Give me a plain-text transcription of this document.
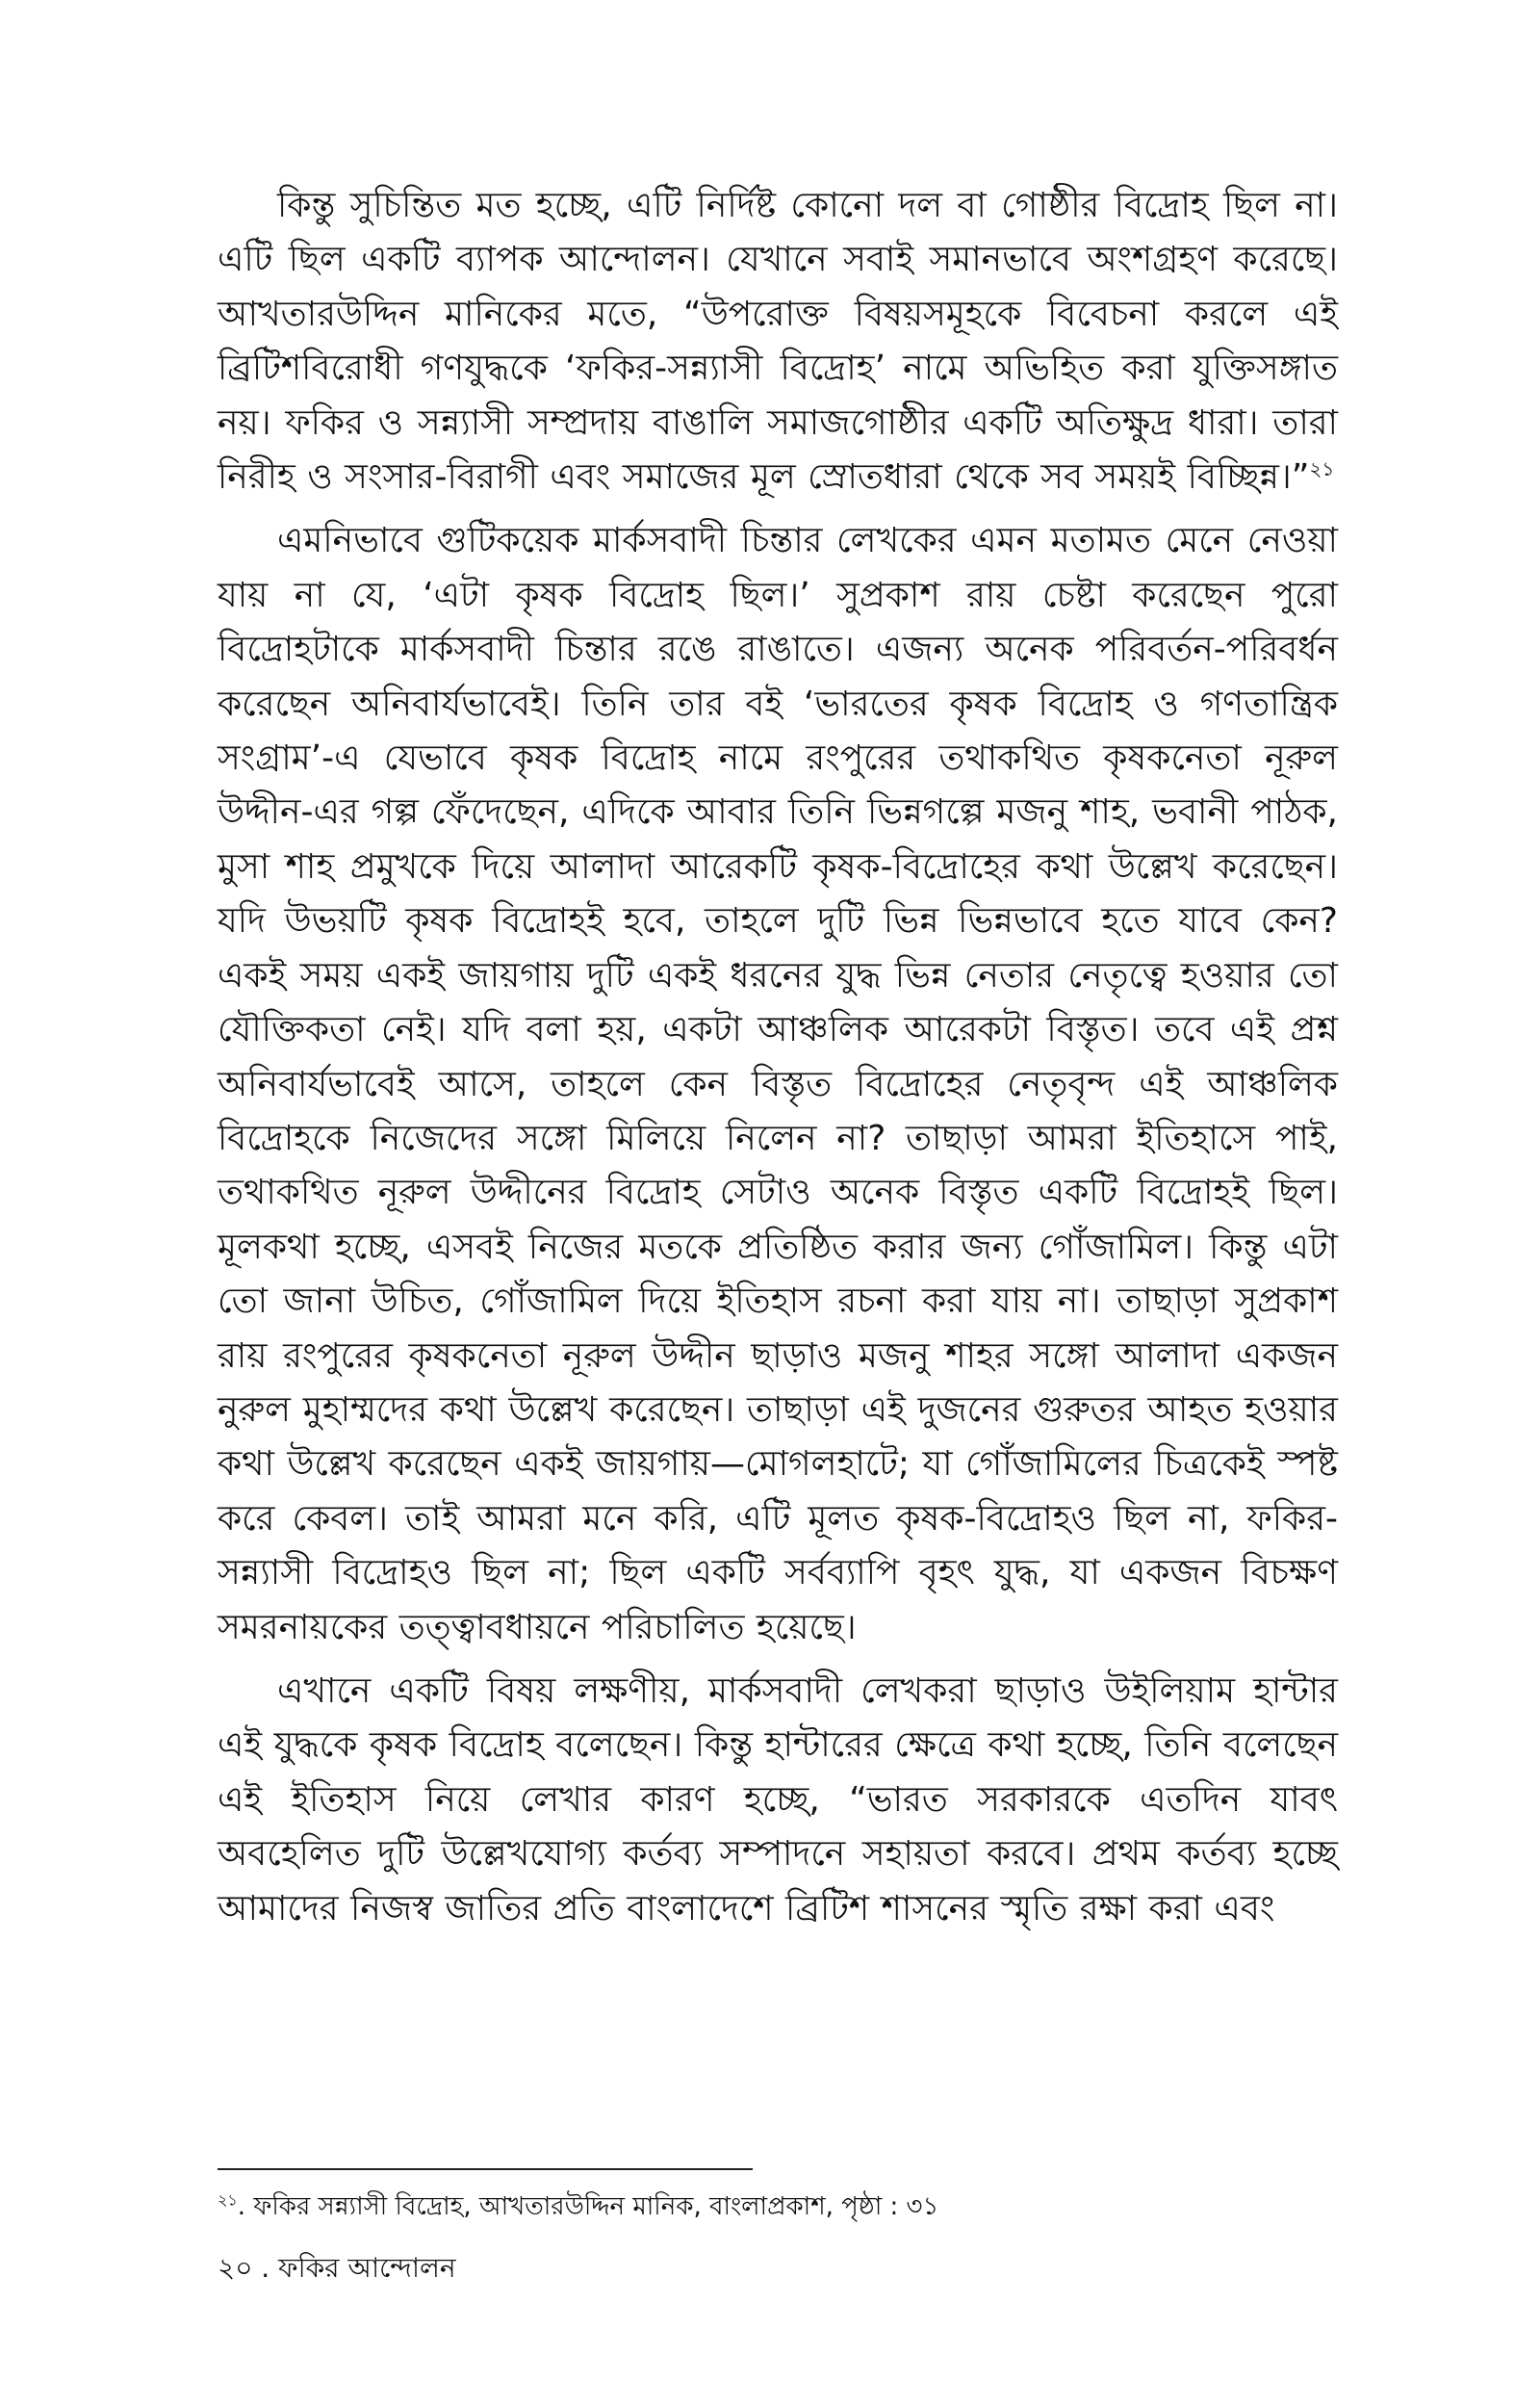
কিন্তু সুচিন্তিত মত হচ্ছে, এটি নির্দিষ্ট কোনো দল বা গোষ্ঠীর বিদ্রোহ ছিল না। এটি ছিল একটি ব্যাপক আন্দোলন। যেখানে সবাই সমানভাবে অংশগ্রহণ করেছে। আখতারউদ্দিন মানিকের মতে, “উপরোক্ত বিষয়সমূহকে বিবেচনা করলে এই ব্রিটিশবিরোধী গণযুদ্ধকে ‘ফকির-সন্ন্যাসী বিদ্রোহ’ নামে অভিহিত করা যুক্তিসঙ্গাত নয়। ফকির ও সন্ন্যাসী সম্প্রদায় বাঙালি সমাজগোষ্ঠীর একটি অতিক্ষুদ্র ধারা। তারা নিরীহ ও সংসার-বিরাগী এবং সমাজের মূল স্রোতধারা থেকে সব সময়ই বিচ্ছিন্ন।”$^{২১}$

এমনিভাবে গুটিকয়েক মার্কসবাদী চিন্তার লেখকের এমন মতামত মেনে নেওয়া যায় না যে, ‘এটা কৃষক বিদ্রোহ ছিল।’ সুপ্রকাশ রায় চেষ্টা করেছেন পুরো বিদ্রোহটাকে মার্কসবাদী চিন্তার রঙে রাঙাতে। এজন্য অনেক পরিবর্তন-পরিবর্ধন করেছেন অনিবার্যভাবেই। তিনি তার বই ‘ভারতের কৃষক বিদ্রোহ ও গণতান্ত্রিক সংগ্রাম’-এ যেভাবে কৃষক বিদ্রোহ নামে রংপুরের তথাকথিত কৃষকনেতা নূরুল উদ্দীন-এর গল্প ফেঁদেছেন, এদিকে আবার তিনি ভিন্নগল্পে মজনু শাহ, ভবানী পাঠক, মুসা শাহ প্রমুখকে দিয়ে আলাদা আরেকটি কৃষক-বিদ্রোহের কথা উল্লেখ করেছেন। যদি উভয়টি কৃষক বিদ্রোহই হবে, তাহলে দুটি ভিন্ন ভিন্নভাবে হতে যাবে কেন? একই সময় একই জায়গায় দুটি একই ধরনের যুদ্ধ ভিন্ন নেতার নেতৃত্বে হওয়ার তো যৌক্তিকতা নেই। যদি বলা হয়, একটা আঞ্চলিক আরেকটা বিস্তৃত। তবে এই প্রশ্ন অনিবার্যভাবেই আসে, তাহলে কেন বিস্তৃত বিদ্রোহের নেতৃবৃন্দ এই আঞ্চলিক বিদ্রোহকে নিজেদের সঙ্গো মিলিয়ে নিলেন না? তাছাড়া আমরা ইতিহাসে পাই, তথাকথিত নূরুল উদ্দীনের বিদ্রোহ সেটাও অনেক বিস্তৃত একটি বিদ্রোহই ছিল। মূলকথা হচ্ছে, এসবই নিজের মতকে প্রতিষ্ঠিত করার জন্য গোঁজামিল। কিন্তু এটা তো জানা উচিত, গোঁজামিল দিয়ে ইতিহাস রচনা করা যায় না। তাছাড়া সুপ্রকাশ রায় রংপুরের কৃষকনেতা নূরুল উদ্দীন ছাড়াও মজনু শাহর সঙ্গো আলাদা একজন নুরুল মুহাম্মদের কথা উল্লেখ করেছেন। তাছাড়া এই দুজনের গুরুতর আহত হওয়ার কথা উল্লেখ করেছেন একই জায়গায়—মোগলহাটে; যা গোঁজামিলের চিত্রকেই স্পষ্ট করে কেবল। তাই আমরা মনে করি, এটি মূলত কৃষক-বিদ্রোহও ছিল না, ফকির-সন্ন্যাসী বিদ্রোহও ছিল না; ছিল একটি সর্বব্যাপি বৃহৎ যুদ্ধ, যা একজন বিচক্ষণ সমরনায়কের তত্ত্বাবধায়নে পরিচালিত হয়েছে।

এখানে একটি বিষয় লক্ষণীয়, মার্কসবাদী লেখকরা ছাড়াও উইলিয়াম হান্টার এই যুদ্ধকে কৃষক বিদ্রোহ বলেছেন। কিন্তু হান্টারের ক্ষেত্রে কথা হচ্ছে, তিনি বলেছেন এই ইতিহাস নিয়ে লেখার কারণ হচ্ছে, “ভারত সরকারকে এতদিন যাবৎ অবহেলিত দুটি উল্লেখযোগ্য কর্তব্য সম্পাদনে সহায়তা করবে। প্রথম কর্তব্য হচ্ছে আমাদের নিজস্ব জাতির প্রতি বাংলাদেশে ব্রিটিশ শাসনের স্মৃতি রক্ষা করা এবং

$^{২১}$. ফকির সন্ন্যাসী বিদ্রোহ, আখতারউদ্দিন মানিক, বাংলাপ্রকাশ, পৃষ্ঠা : ৩১
২০ . ফকির আন্দোলন
